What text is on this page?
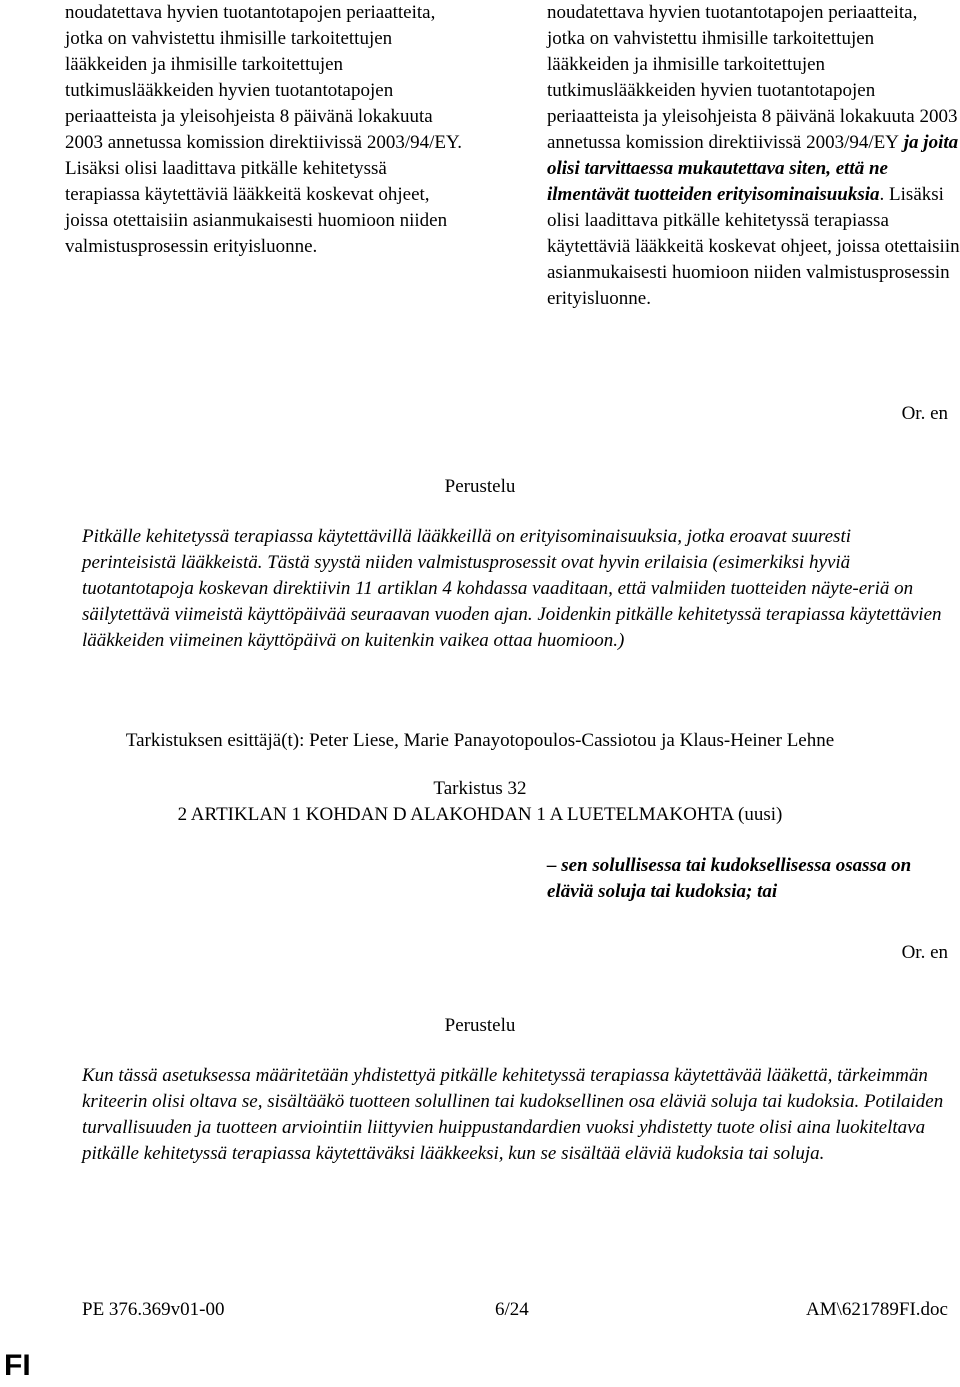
noudatettava hyvien tuotantotapojen periaatteita, jotka on vahvistettu ihmisille tarkoitettujen lääkkeiden ja ihmisille tarkoitettujen tutkimuslääkkeiden hyvien tuotantotapojen periaatteista ja yleisohjeista 8 päivänä lokakuuta 2003 annetussa komission direktiivissä 2003/94/EY. Lisäksi olisi laadittava pitkälle kehitetyssä terapiassa käytettäviä lääkkeitä koskevat ohjeet, joissa otettaisiin asianmukaisesti huomioon niiden valmistusprosessin erityisluonne.

noudatettava hyvien tuotantotapojen periaatteita, jotka on vahvistettu ihmisille tarkoitettujen lääkkeiden ja ihmisille tarkoitettujen tutkimuslääkkeiden hyvien tuotantotapojen periaatteista ja yleisohjeista 8 päivänä lokakuuta 2003 annetussa komission direktiivissä 2003/94/EY ja joita olisi tarvittaessa mukautettava siten, että ne ilmentävät tuotteiden erityisominaisuuksia. Lisäksi olisi laadittava pitkälle kehitetyssä terapiassa käytettäviä lääkkeitä koskevat ohjeet, joissa otettaisiin asianmukaisesti huomioon niiden valmistusprosessin erityisluonne.

Or. en

Perustelu

Pitkälle kehitetyssä terapiassa käytettävillä lääkkeillä on erityisominaisuuksia, jotka eroavat suuresti perinteisistä lääkkeistä. Tästä syystä niiden valmistusprosessit ovat hyvin erilaisia (esimerkiksi hyviä tuotantotapoja koskevan direktiivin 11 artiklan 4 kohdassa vaaditaan, että valmiiden tuotteiden näyte-eriä on säilytettävä viimeistä käyttöpäivää seuraavan vuoden ajan. Joidenkin pitkälle kehitetyssä terapiassa käytettävien lääkkeiden viimeinen käyttöpäivä on kuitenkin vaikea ottaa huomioon.)

Tarkistuksen esittäjä(t): Peter Liese, Marie Panayotopoulos-Cassiotou ja Klaus-Heiner Lehne

Tarkistus 32

2 ARTIKLAN 1 KOHDAN D ALAKOHDAN 1 A LUETELMAKOHTA (uusi)

– sen solullisessa tai kudoksellisessa osassa on eläviä soluja tai kudoksia; tai

Or. en

Perustelu

Kun tässä asetuksessa määritetään yhdistettyä pitkälle kehitetyssä terapiassa käytettävää lääkettä, tärkeimmän kriteerin olisi oltava se, sisältääkö tuotteen solullinen tai kudoksellinen osa eläviä soluja tai kudoksia. Potilaiden turvallisuuden ja tuotteen arviointiin liittyvien huippustandardien vuoksi yhdistetty tuote olisi aina luokiteltava pitkälle kehitetyssä terapiassa käytettäväksi lääkkeeksi, kun se sisältää eläviä kudoksia tai soluja.

PE 376.369v01-00	6/24	AM\621789FI.doc
FI
